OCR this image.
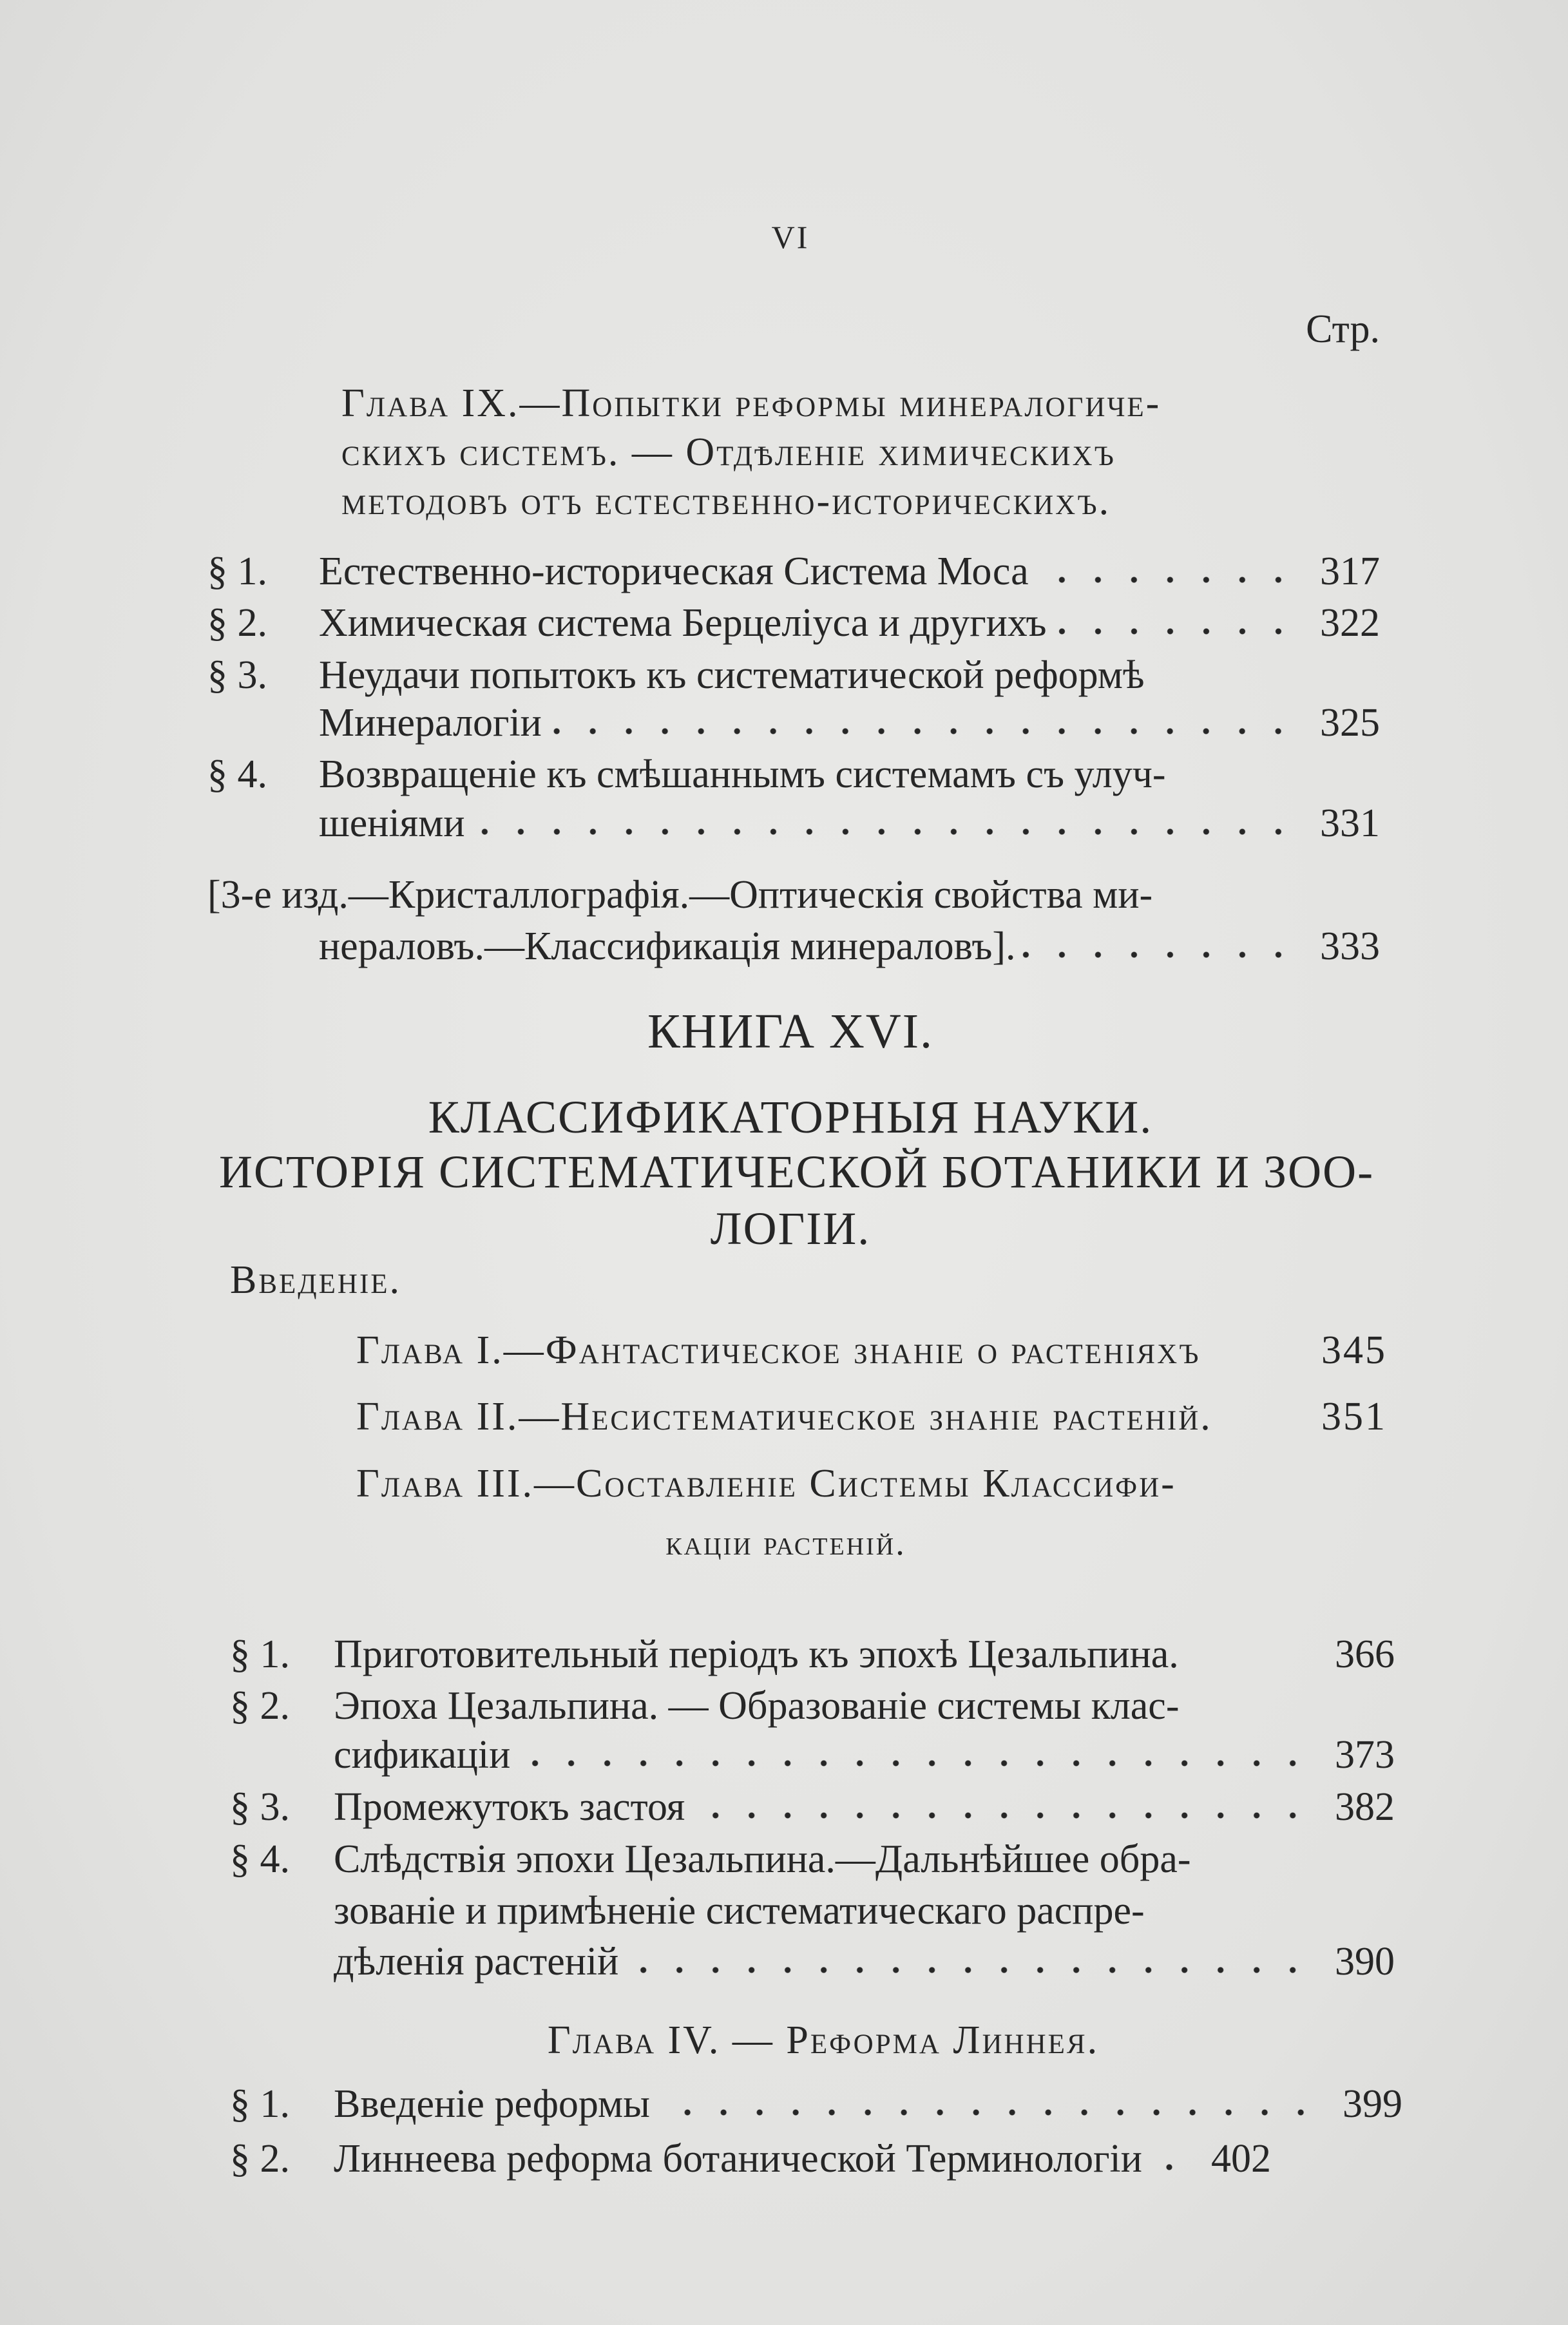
VI
Стр.
Глава IX.—Попытки реформы минералогиче-
скихъ системъ. — Отдѣленіе химическихъ
методовъ отъ естественно-историческихъ.
§ 1.	Естественно-историческая Система Моса	317
§ 2.	Химическая система Берцеліуса и другихъ	322
§ 3.	Неудачи попытокъ къ систематической реформѣ
Минералогіи	325
§ 4.	Возвращеніе къ смѣшаннымъ системамъ съ улуч-
шеніями	331
[3-е изд.—Кристаллографія.—Оптическія свойства ми-
нераловъ.—Классификація минераловъ].	333
КНИГА XVI.
КЛАССИФИКАТОРНЫЯ НАУКИ.
ИСТОРІЯ СИСТЕМАТИЧЕСКОЙ БОТАНИКИ И ЗОО-
ЛОГІИ.
Введеніе.
Глава I.—Фантастическое знаніе о растеніяхъ	345
Глава II.—Несистематическое знаніе растеній.	351
Глава III.—Составленіе Системы Классифи-
каціи растеній.
§ 1.	Приготовительный періодъ къ эпохѣ Цезальпина.	366
§ 2.	Эпоха Цезальпина. — Образованіе системы клас-
сификаціи	373
§ 3.	Промежутокъ застоя	382
§ 4.	Слѣдствія эпохи Цезальпина.—Дальнѣйшее обра-
зованіе и примѣненіе систематическаго распре-
дѣленія растеній	390
Глава IV. — Реформа Линнея.
§ 1.	Введеніе реформы	399
§ 2.	Линнеева реформа ботанической Терминологіи	402
